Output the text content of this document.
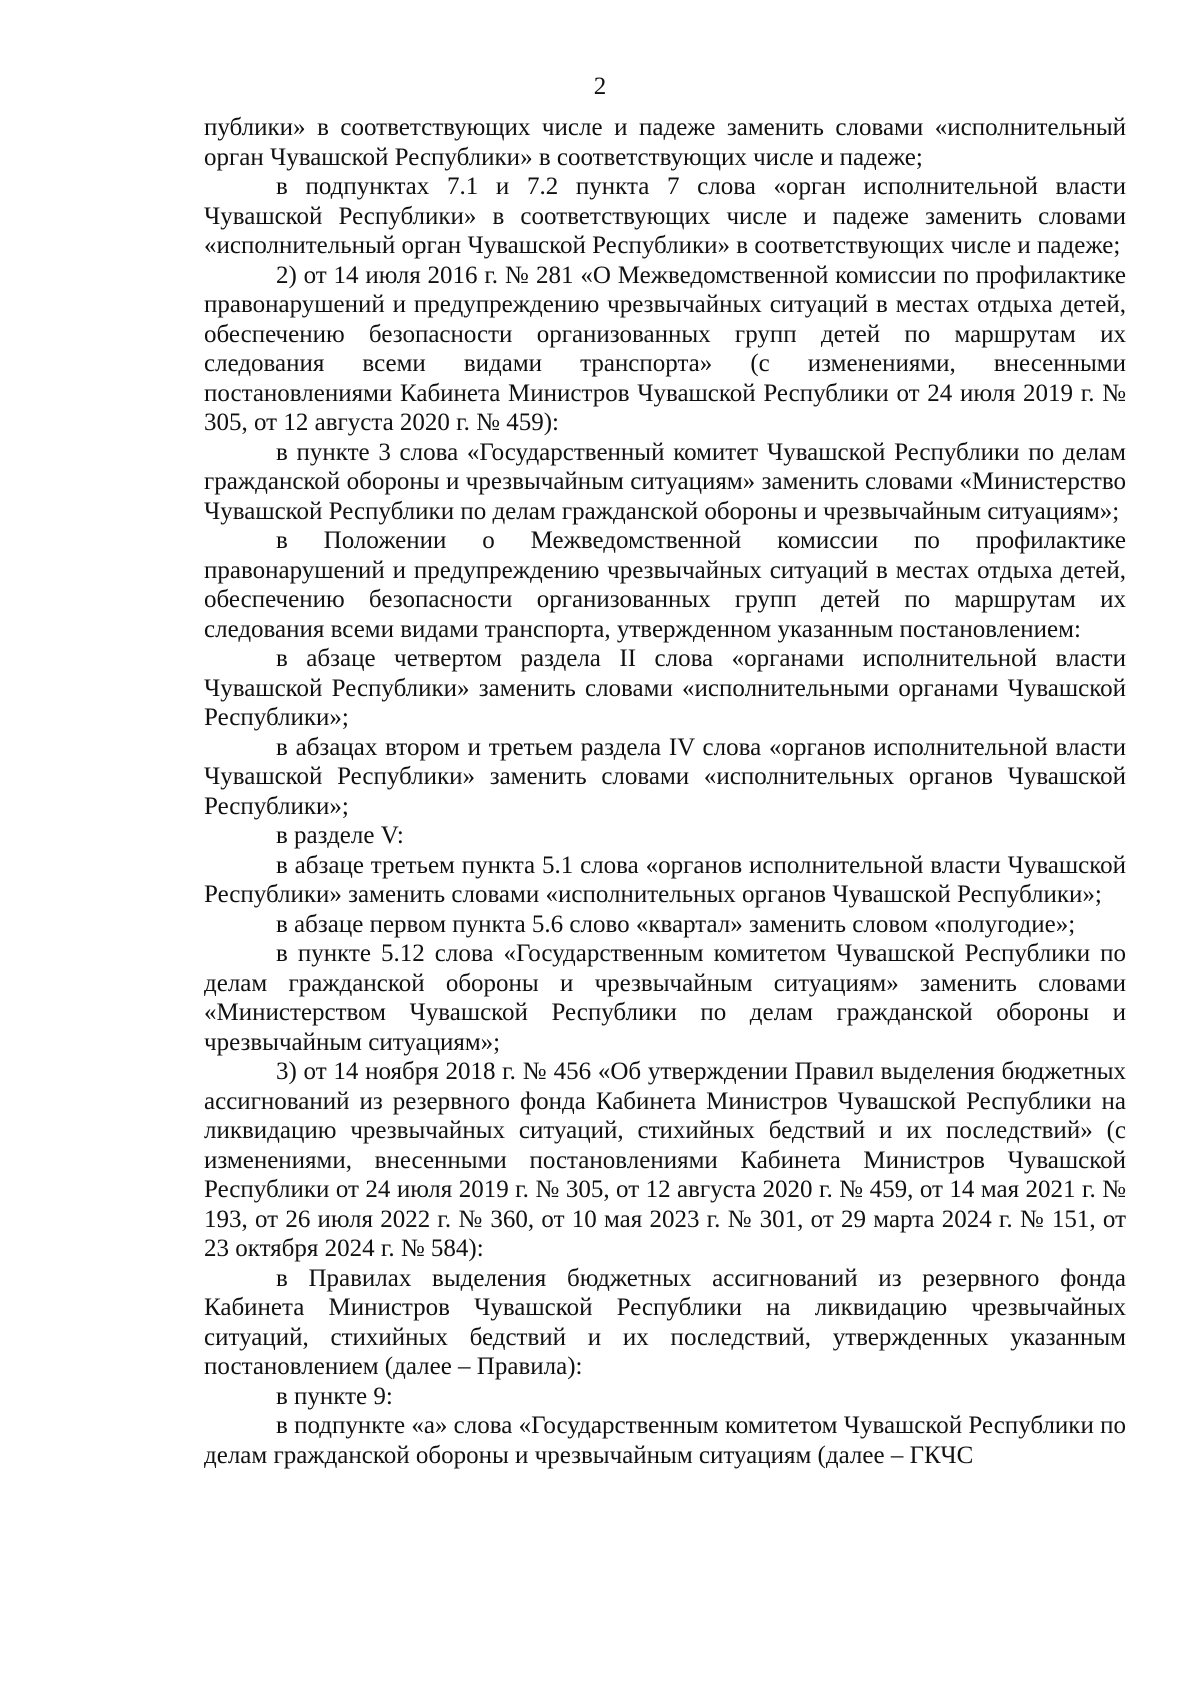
2

публики» в соответствующих числе и падеже заменить словами «исполнительный орган Чувашской Республики» в соответствующих числе и падеже;

в подпунктах 7.1 и 7.2 пункта 7 слова «орган исполнительной власти Чувашской Республики» в соответствующих числе и падеже заменить словами «исполнительный орган Чувашской Республики» в соответствующих числе и падеже;

2) от 14 июля 2016 г. № 281 «О Межведомственной комиссии по профилактике правонарушений и предупреждению чрезвычайных ситуаций в местах отдыха детей, обеспечению безопасности организованных групп детей по маршрутам их следования всеми видами транспорта» (с изменениями, внесенными постановлениями Кабинета Министров Чувашской Республики от 24 июля 2019 г. № 305, от 12 августа 2020 г. № 459):

в пункте 3 слова «Государственный комитет Чувашской Республики по делам гражданской обороны и чрезвычайным ситуациям» заменить словами «Министерство Чувашской Республики по делам гражданской обороны и чрезвычайным ситуациям»;

в Положении о Межведомственной комиссии по профилактике правонарушений и предупреждению чрезвычайных ситуаций в местах отдыха детей, обеспечению безопасности организованных групп детей по маршрутам их следования всеми видами транспорта, утвержденном указанным постановлением:

в абзаце четвертом раздела II слова «органами исполнительной власти Чувашской Республики» заменить словами «исполнительными органами Чувашской Республики»;

в абзацах втором и третьем раздела IV слова «органов исполнительной власти Чувашской Республики» заменить словами «исполнительных органов Чувашской Республики»;

в разделе V:

в абзаце третьем пункта 5.1 слова «органов исполнительной власти Чувашской Республики» заменить словами «исполнительных органов Чувашской Республики»;

в абзаце первом пункта 5.6 слово «квартал» заменить словом «полугодие»;

в пункте 5.12 слова «Государственным комитетом Чувашской Республики по делам гражданской обороны и чрезвычайным ситуациям» заменить словами «Министерством Чувашской Республики по делам гражданской обороны и чрезвычайным ситуациям»;

3) от 14 ноября 2018 г. № 456 «Об утверждении Правил выделения бюджетных ассигнований из резервного фонда Кабинета Министров Чувашской Республики на ликвидацию чрезвычайных ситуаций, стихийных бедствий и их последствий» (с изменениями, внесенными постановлениями Кабинета Министров Чувашской Республики от 24 июля 2019 г. № 305, от 12 августа 2020 г. № 459, от 14 мая 2021 г. № 193, от 26 июля 2022 г. № 360, от 10 мая 2023 г. № 301, от 29 марта 2024 г. № 151, от 23 октября 2024 г. № 584):

в Правилах выделения бюджетных ассигнований из резервного фонда Кабинета Министров Чувашской Республики на ликвидацию чрезвычайных ситуаций, стихийных бедствий и их последствий, утвержденных указанным постановлением (далее – Правила):

в пункте 9:

в подпункте «а» слова «Государственным комитетом Чувашской Республики по делам гражданской обороны и чрезвычайным ситуациям (далее – ГКЧС
